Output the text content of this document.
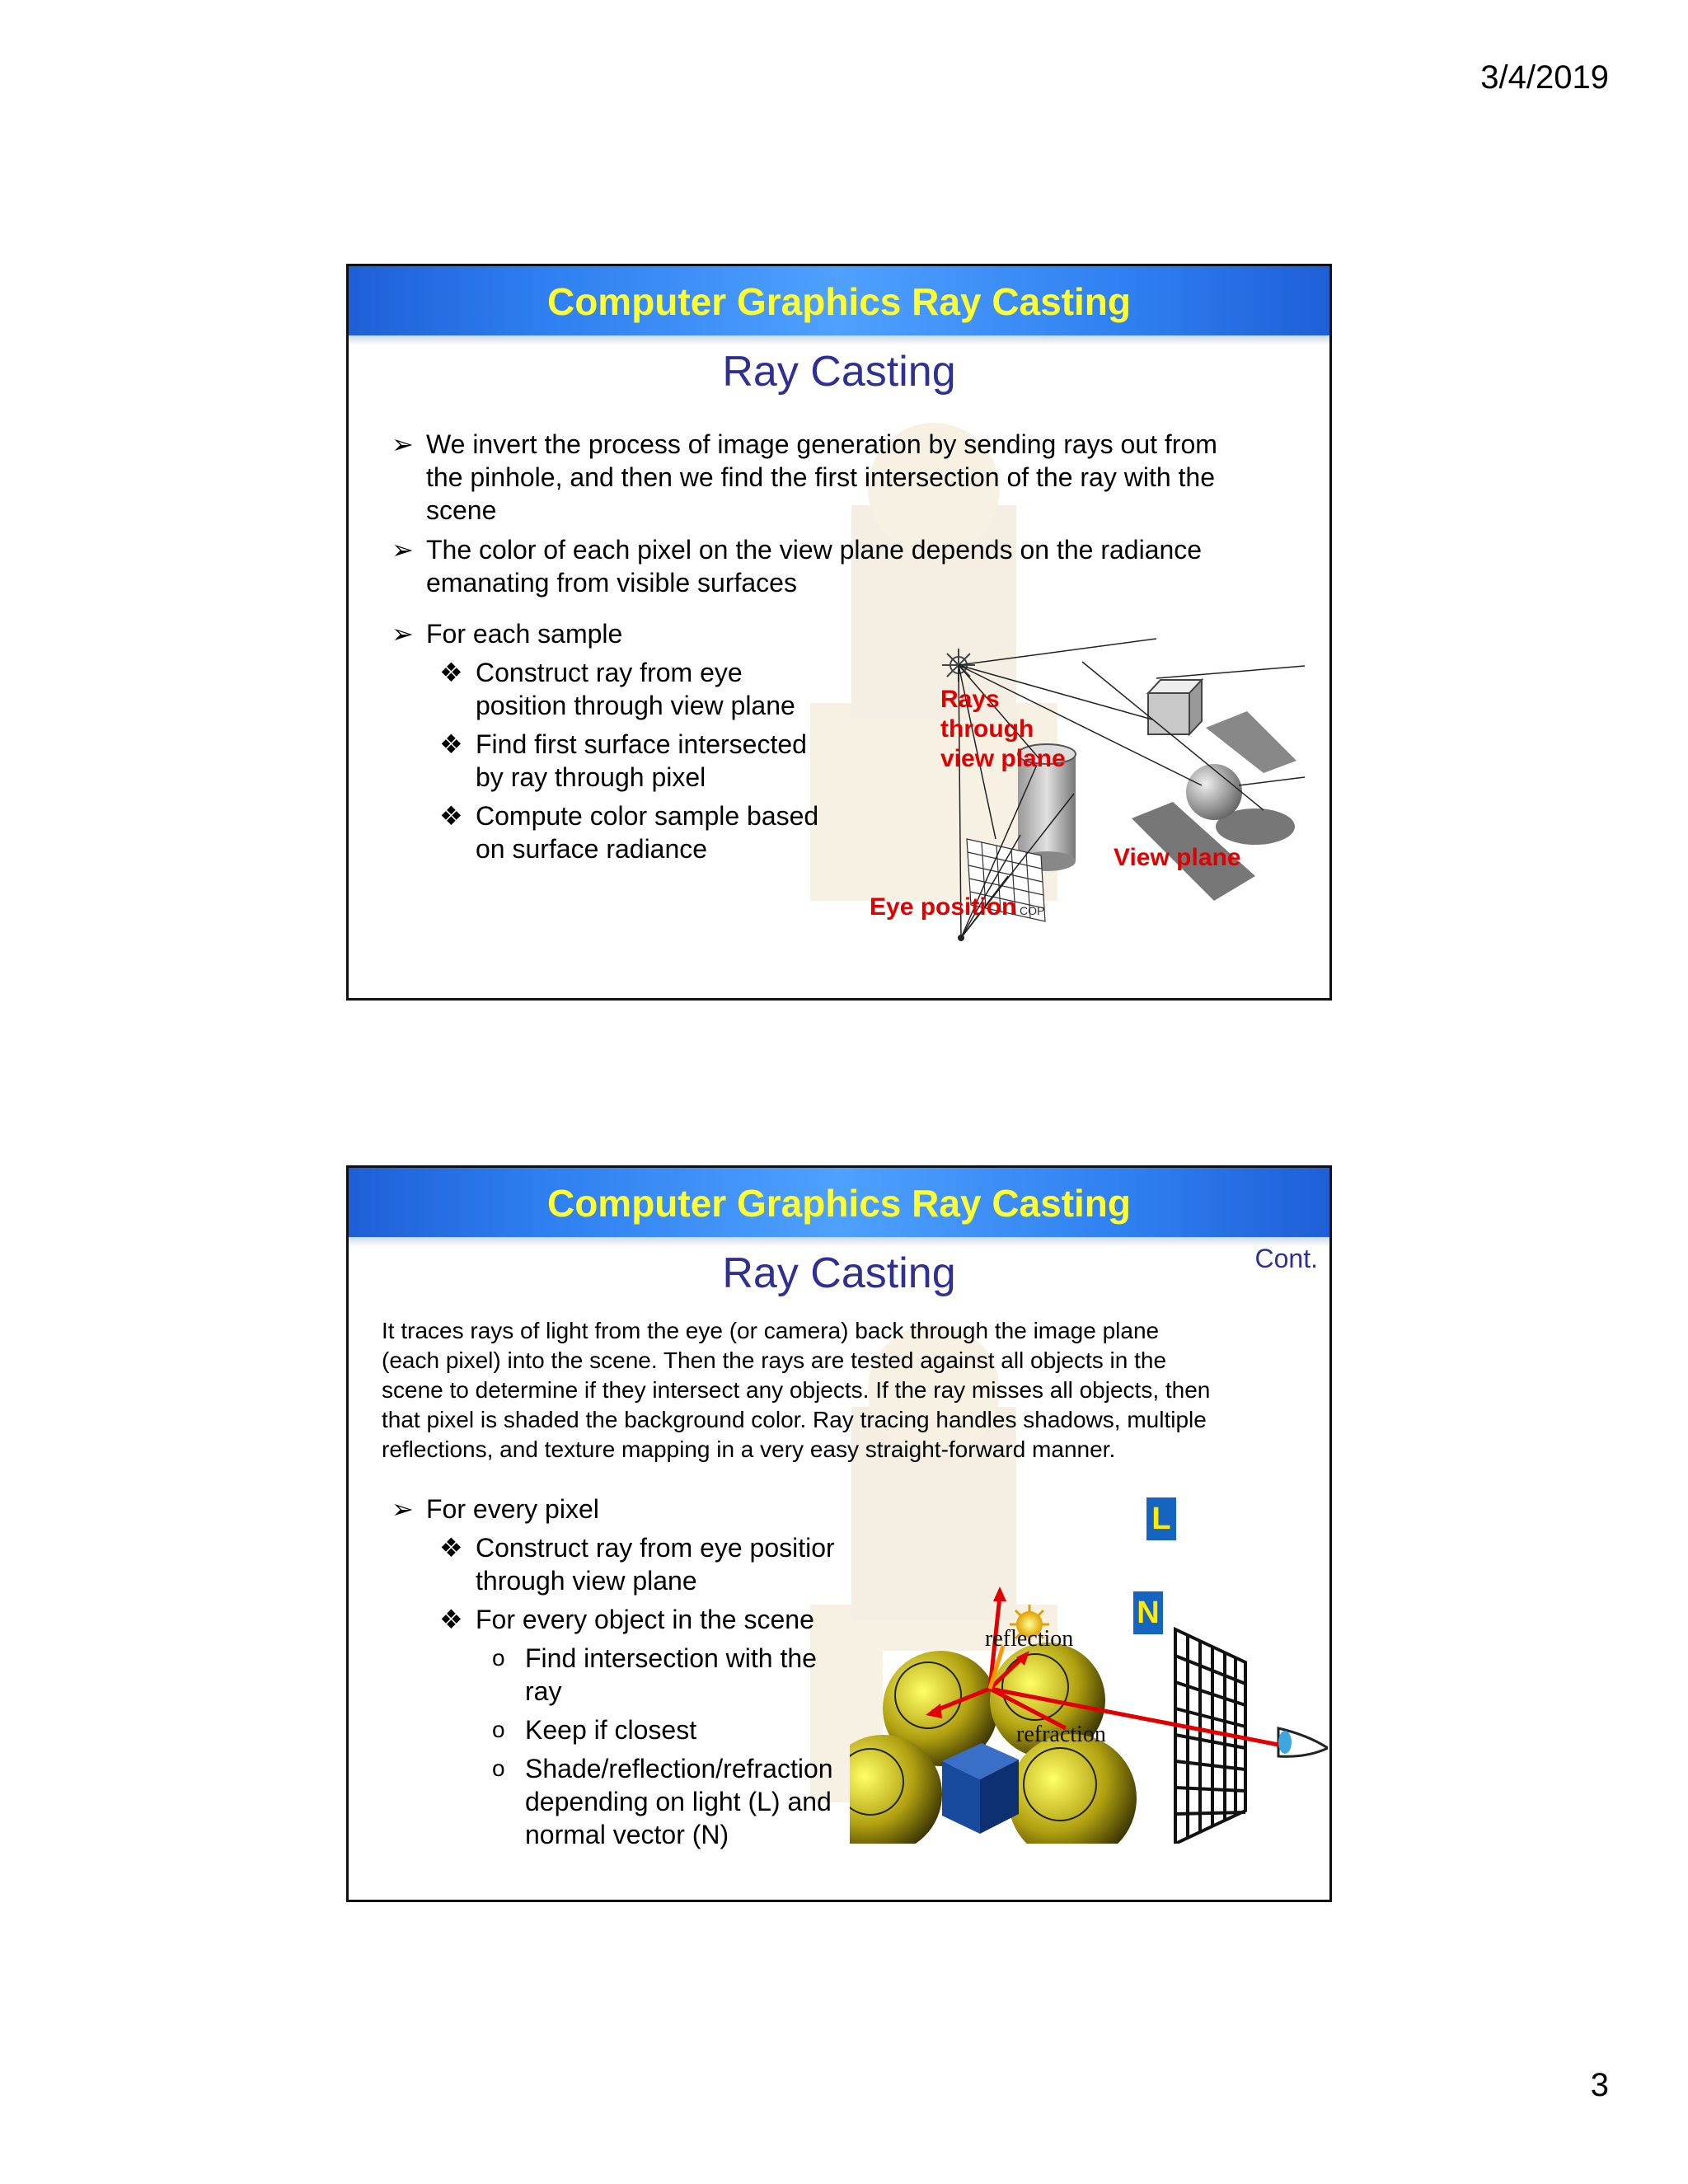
3/4/2019
Computer Graphics Ray Casting
Ray Casting
➢ We invert the process of image generation by sending rays out from
the pinhole, and then we find the first intersection of the ray with the
scene
➢ The color of each pixel on the view plane depends on the radiance
emanating from visible surfaces
➢ For each sample
❖ Construct ray from eye
position through view plane
❖ Find first surface intersected
by ray through pixel
❖ Compute color sample based
on surface radiance
Rays
through
view plane
View plane
Eye position COP
Computer Graphics Ray Casting
Ray Casting	Cont.
It traces rays of light from the eye (or camera) back through the image plane
(each pixel) into the scene. Then the rays are tested against all objects in the
scene to determine if they intersect any objects. If the ray misses all objects, then
that pixel is shaded the background color. Ray tracing handles shadows, multiple
reflections, and texture mapping in a very easy straight-forward manner.
➢ For every pixel
❖ Construct ray from eye positior
through view plane
❖ For every object in the scene
o Find intersection with the
ray
o Keep if closest
o Shade/reflection/refraction
depending on light (L) and
normal vector (N)
reflection
refraction
L
N
3
